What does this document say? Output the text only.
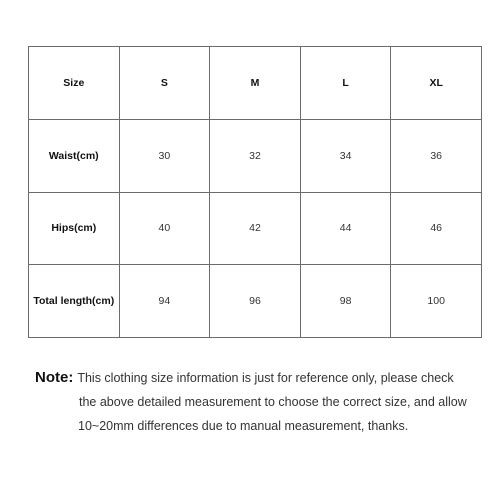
Size	S	M	L	XL
Waist(cm)	30	32	34	36
Hips(cm)	40	42	44	46
Total length(cm)	94	96	98	100
Note: This clothing size information is just for reference only, please check
the above detailed measurement to choose the correct size, and allow
10~20mm differences due to manual measurement, thanks.
